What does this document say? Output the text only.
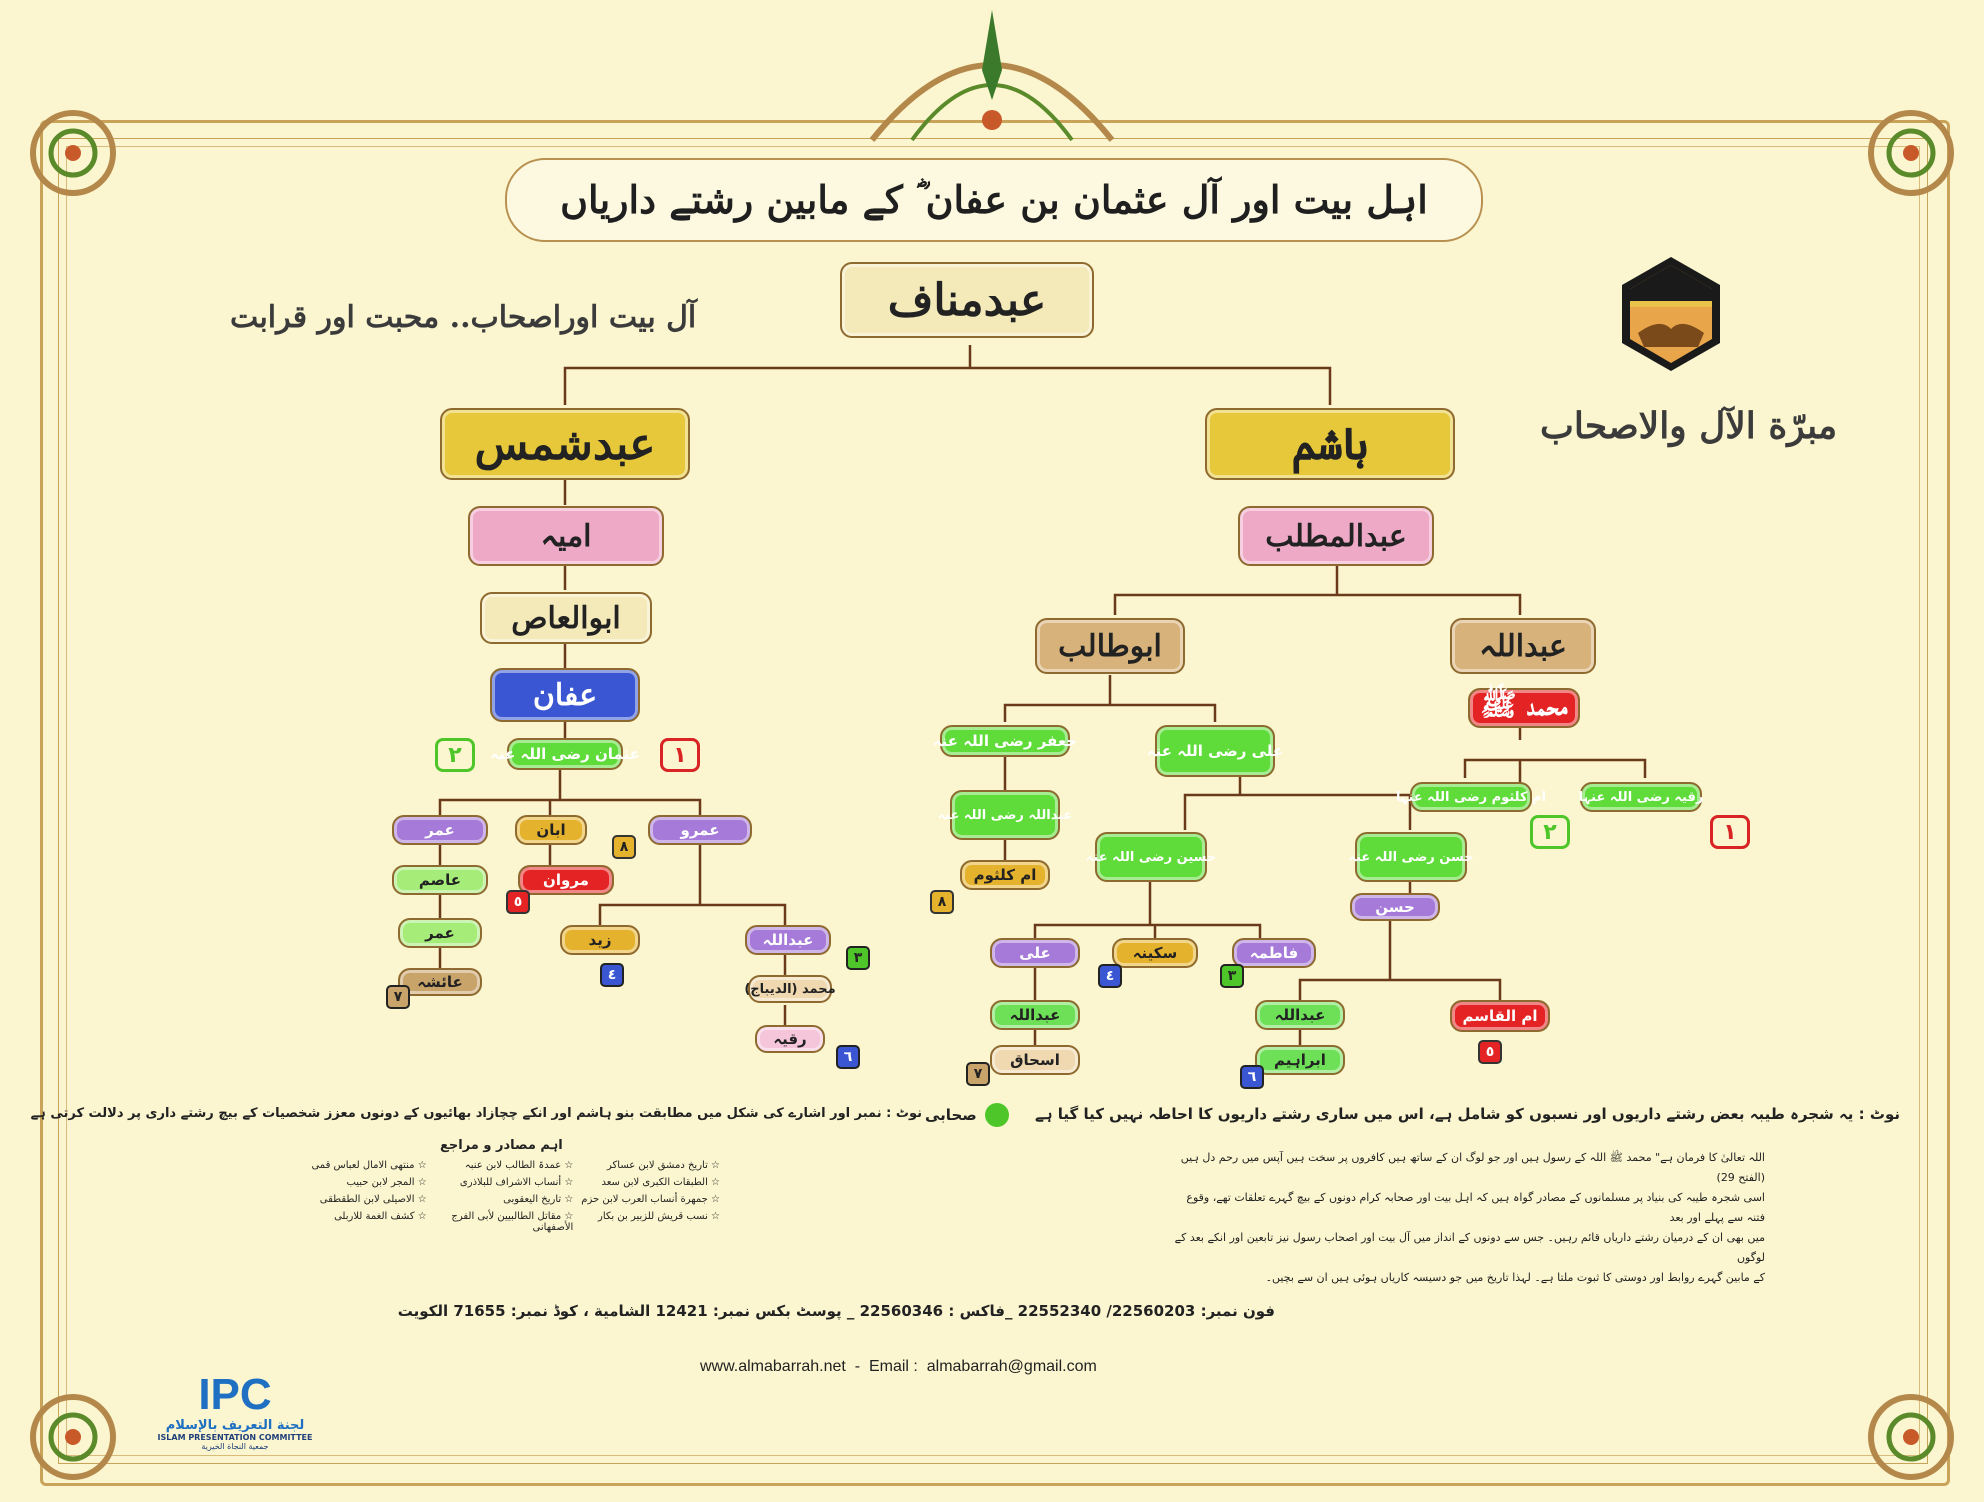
اہل بیت اور آل عثمان بن عفان ؓ کے مابین رشتے داریاں
آل بیت اوراصحاب.. محبت اور قرابت
مبرّة الآل والاصحاب
عبدمناف
عبدشمس	ہاشم
امیہ	عبدالمطلب
ابوالعاص
عفان
عثمان رضی اللہ عنہ
٢	١
عمر	ابان
٨
عمرو
عاصم	مروان
٥
عمر
عائشہ
٧
زید
٤
عبداللہ
٣
محمد (الدیباج)
رقیہ
٦
ابوطالب	عبداللہ
محمد ﷺ
جعفر رضی اللہ عنہ
علی رضی اللہ عنہ
ام کلثوم رضی اللہ عنہا
٢
رقیہ رضی اللہ عنہا
١
عبداللہ رضی اللہ عنہ
ام کلثوم
٨
حسین رضی اللہ عنہ	حسن رضی اللہ عنہ
حسن
علی	سکینہ
٤
فاطمہ
٣
عبداللہ
اسحاق
٧
عبداللہ
ابراہیم
٦
ام القاسم
٥
نوٹ : یہ شجرہ طیبہ بعض رشتے داریوں اور نسبوں کو شامل ہے، اس میں ساری رشتے داریوں کا احاطہ نہیں کیا گیا ہے
صحابی
نوٹ : نمبر اور اشارے کی شکل میں مطابقت بنو ہاشم اور انکے چچازاد بھائیوں کے دونوں معزز شخصیات کے بیچ رشتے داری پر دلالت کرتی ہے
اہم مصادر و مراجع
☆ تاریخ دمشق لابن عساکر
☆ عمدۃ الطالب لابن عنبہ
☆ منتهى الامال لعباس قمی
☆ الطبقات الکبری لابن سعد
☆ أنساب الاشراف للبلاذری
☆ المجر لابن حبیب
☆ جمهرة أنساب العرب لابن حزم
☆ تاریخ الیعقوبی
☆ الاصیلی لابن الطقطقی
☆ نسب قریش للزبیر بن بکار
☆ مقاتل الطالبیین لأبی الفرج الأصفهانی
☆ کشف الغمة للاربلی
اللہ تعالیٰ کا فرمان ہے" محمد ﷺ اللہ کے رسول ہیں اور جو لوگ ان کے ساتھ ہیں کافروں پر سخت ہیں آپس میں رحم دل ہیں (الفتح 29)
اسی شجرہ طیبہ کی بنیاد پر مسلمانوں کے مصادر گواہ ہیں کہ اہل بیت اور صحابہ کرام دونوں کے بیچ گہرے تعلقات تھے، وقوع فتنہ سے پہلے اور بعد
میں بھی ان کے درمیان رشتے داریاں قائم رہیں۔ جس سے دونوں کے انداز میں آل بیت اور اصحاب رسول نیز تابعین اور انکے بعد کے لوگوں
کے مابین گہرے روابط اور دوستی کا ثبوت ملتا ہے۔ لہذا تاریخ میں جو دسیسہ کاریاں ہوئی ہیں ان سے بچیں۔
فون نمبر: 22560203/ 22552340 _فاکس : 22560346 _ پوسٹ بکس نمبر: 12421 الشامیة ، کوڈ نمبر: 71655 الکویت
www.almabarrah.net  -  Email :  almabarrah@gmail.com
IPC
لجنة التعريف بالإسلام
ISLAM PRESENTATION COMMITTEE
جمعية النجاة الخيرية
